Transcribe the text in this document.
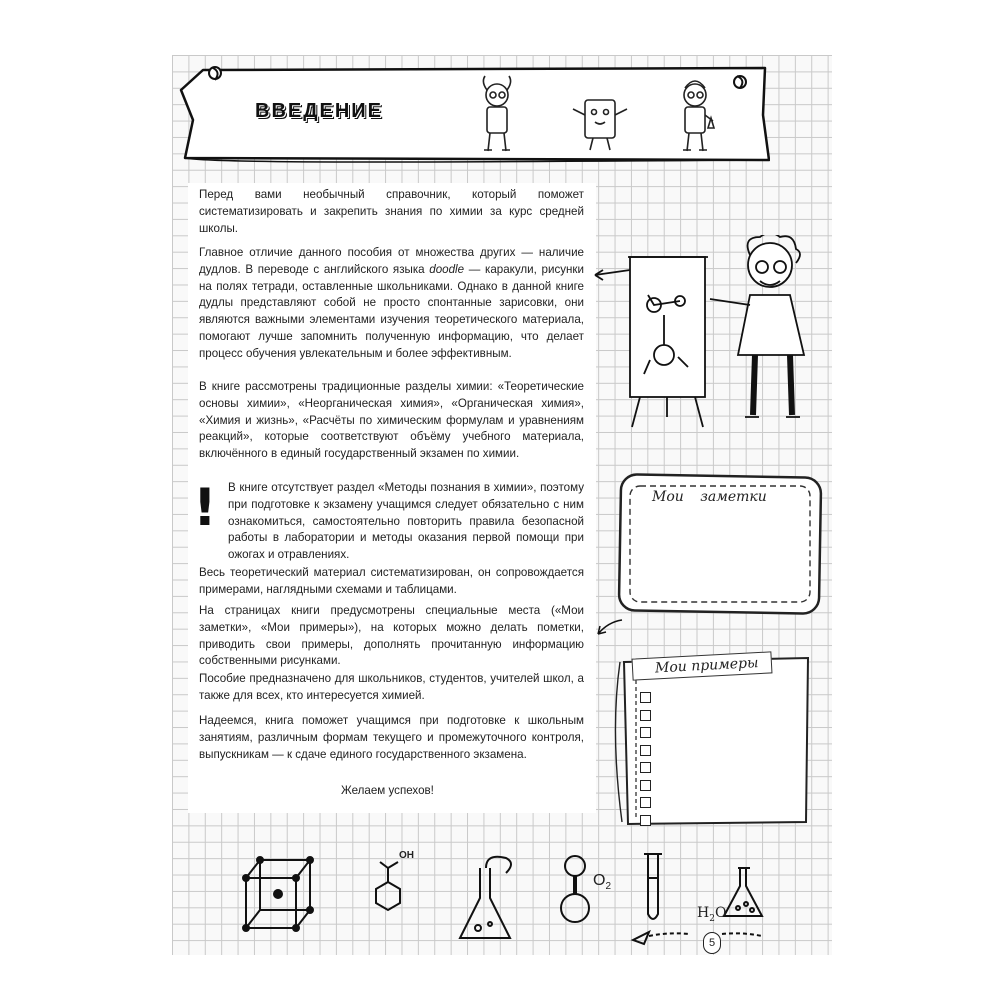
ВВЕДЕНИЕ

Перед вами необычный справочник, который поможет систематизировать и закрепить знания по химии за курс средней школы.

Главное отличие данного пособия от множества других — наличие дудлов. В переводе с английского языка doodle — каракули, рисунки на полях тетради, оставленные школьниками. Однако в данной книге дудлы представляют собой не просто спонтанные зарисовки, они являются важными элементами изучения теоретического материала, помогают лучше запомнить полученную информацию, что делает процесс обучения увлекательным и более эффективным.

В книге рассмотрены традиционные разделы химии: «Теоретические основы химии», «Неорганическая химия», «Органическая химия», «Химия и жизнь», «Расчёты по химическим формулам и уравнениям реакций», которые соответствуют объёму учебного материала, включённого в единый государственный экзамен по химии.

! В книге отсутствует раздел «Методы познания в химии», поэтому при подготовке к экзамену учащимся следует обязательно с ним ознакомиться, самостоятельно повторить правила безопасной работы в лаборатории и методы оказания первой помощи при ожогах и отравлениях.

Весь теоретический материал систематизирован, он сопровождается примерами, наглядными схемами и таблицами.

На страницах книги предусмотрены специальные места («Мои заметки», «Мои примеры»), на которых можно делать пометки, приводить свои примеры, дополнять прочитанную информацию собственными рисунками.

Пособие предназначено для школьников, студентов, учителей школ, а также для всех, кто интересуется химией.

Надеемся, книга поможет учащимся при подготовке к школьным занятиям, различным формам текущего и промежуточного контроля, выпускникам — к сдаче единого государственного экзамена.

Желаем успехов!
Мои заметки
Мои примеры
OH
$O_2$
$H_2O$
5
